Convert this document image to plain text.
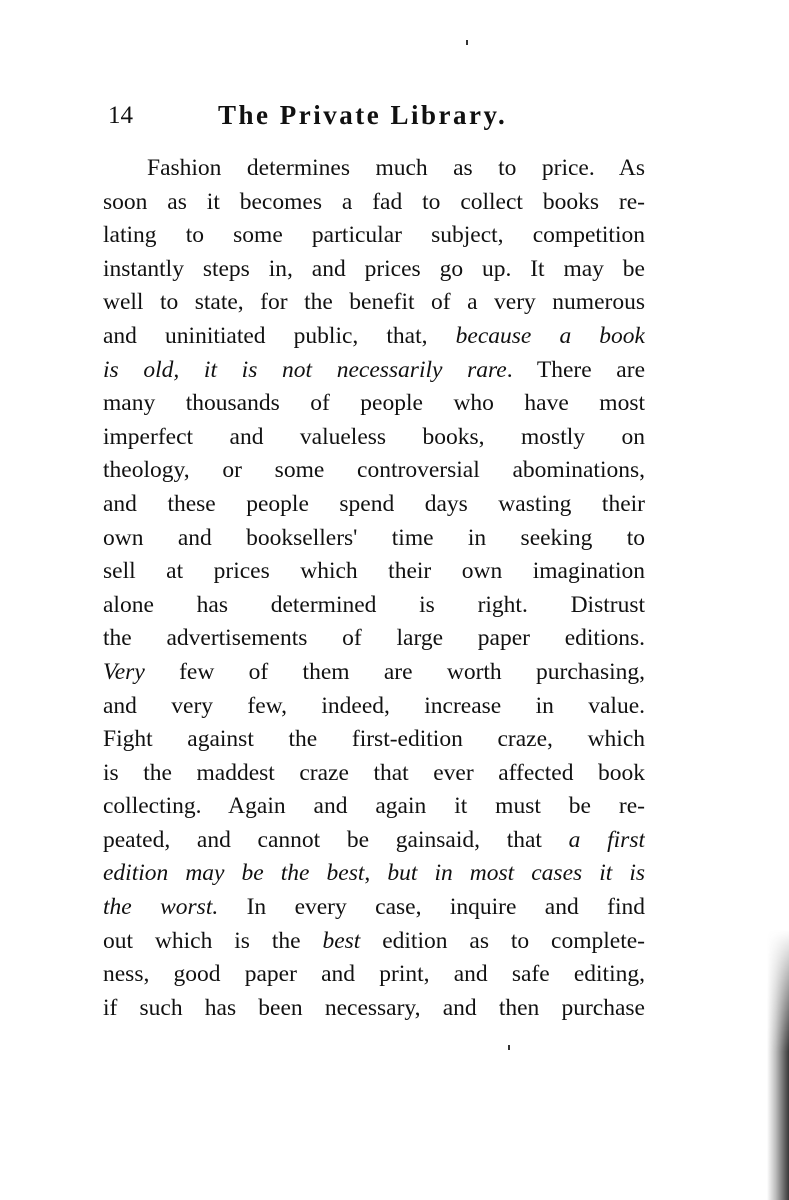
14	The Private Library.
Fashion determines much as to price. As
soon as it becomes a fad to collect books re-
lating to some particular subject, competition
instantly steps in, and prices go up. It may be
well to state, for the benefit of a very numerous
and uninitiated public, that, because a book
is old, it is not necessarily rare. There are
many thousands of people who have most
imperfect and valueless books, mostly on
theology, or some controversial abominations,
and these people spend days wasting their
own and booksellers' time in seeking to
sell at prices which their own imagination
alone has determined is right. Distrust
the advertisements of large paper editions.
Very few of them are worth purchasing,
and very few, indeed, increase in value.
Fight against the first-edition craze, which
is the maddest craze that ever affected book
collecting. Again and again it must be re-
peated, and cannot be gainsaid, that a first
edition may be the best, but in most cases it is
the worst. In every case, inquire and find
out which is the best edition as to complete-
ness, good paper and print, and safe editing,
if such has been necessary, and then purchase
